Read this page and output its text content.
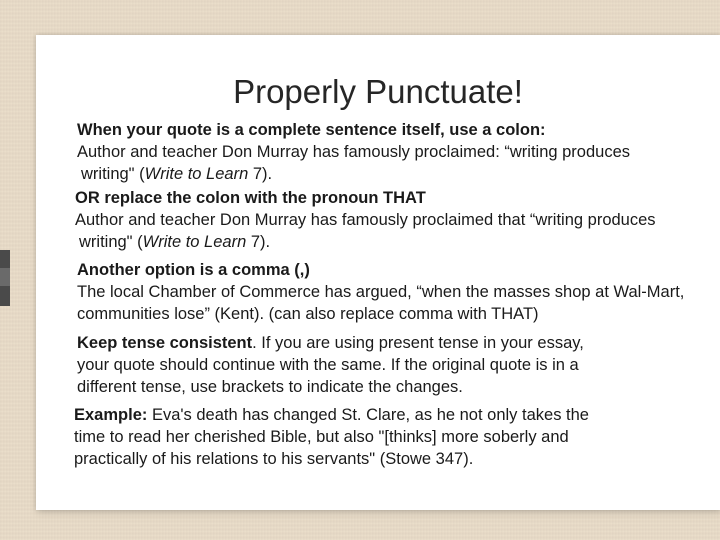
Properly Punctuate!
When your quote is a complete sentence itself, use a colon:
Author and teacher Don Murray has famously proclaimed: “writing produces
writing" (Write to Learn 7).
OR replace the colon with the pronoun THAT
Author and teacher Don Murray has famously proclaimed that “writing produces
writing" (Write to Learn 7).
Another option is a comma (,)
The local Chamber of Commerce has argued, “when the masses shop at Wal-Mart,
communities lose” (Kent). (can also replace comma with THAT)
Keep tense consistent. If you are using present tense in your essay,
your quote should continue with the same. If the original quote is in a
different tense, use brackets to indicate the changes.
Example: Eva's death has changed St. Clare, as he not only takes the
time to read her cherished Bible, but also "[thinks] more soberly and
practically of his relations to his servants" (Stowe 347).
